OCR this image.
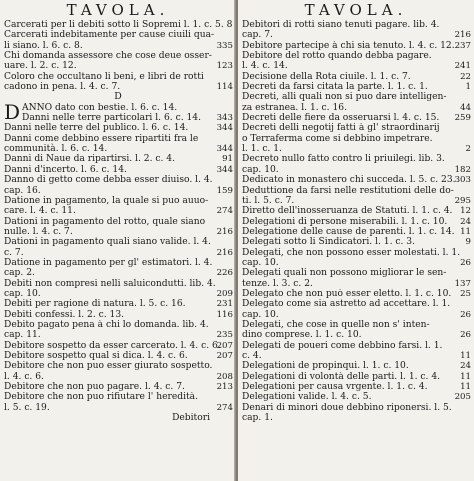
TAVOLA.
Carcerati per li debiti sotto li Sopremi l. 1. c. 5. 8
Carcerati indebitamente per cause ciuili qua-
li siano. l. 6. c. 8.	335
Chi domanda assessore che cose deue osser-
uare. l. 2. c. 12.	123
Coloro che occultano li beni, e libri de rotti
cadono in pena. l. 4. c. 7.	114
D
D ANNO dato con bestie. l. 6. c. 14.
Danni nelle terre particolari l. 6. c. 14.	343
Danni nelle terre del publico. l. 6. c. 14.	344
Danni come debbino essere ripartiti fra le
communità. l. 6. c. 14.	344
Danni di Naue da ripartirsi. l. 2. c. 4.	91
Danni d'incerto. l. 6. c. 14.	344
Danno di getto come debba esser diuiso. l. 4.
cap. 16.	159
Datione in pagamento, la quale si puo auuo-
care. l. 4. c. 11.	274
Dationi in pagamento del rotto, quale siano
nulle. l. 4. c. 7.	216
Dationi in pagamento quali siano valide. l. 4.
c. 7.	216
Datione in pagamento per gl' estimatori. l. 4.
cap. 2.	226
Debiti non compresi nelli saluicondutti. lib. 4.
cap. 10.	209
Debiti per ragione di natura. l. 5. c. 16.	231
Debiti confessi. l. 2. c. 13.	116
Debito pagato pena à chi lo domanda. lib. 4.
cap. 11.	235
Debitore sospetto da esser carcerato. l. 4. c. 6.
207
Debitore sospetto qual si dica. l. 4. c. 6.	207
Debitore che non puo esser giurato sospetto.
l. 4. c. 6.	208
Debitore che non puo pagare. l. 4. c. 7.	213
Debitore che non puo rifiutare l' heredità.
l. 5. c. 19.	274
Debitori
TAVOLA.
Debitori di rotti siano tenuti pagare. lib. 4.
cap. 7.	216
Debitore partecipe à chi sia tenuto. l. 4. c. 12. 237
Debitore del rotto quando debba pagare.
l. 4. c. 14.	241
Decisione della Rota ciuile. l. 1. c. 7.	22
Decreti da farsi citata la parte. l. 1. c. 1.	1
Decreti, alli quali non si puo dare intelligen-
za estranea. l. 1. c. 16.	44
Decreti delle fiere da osseruarsi l. 4. c. 15.	259
Decreti delli negotij fatti à gl' straordinarij
o Terraferma come si debbino impetrare.
l. 1. c. 1.	2
Decreto nullo fatto contro li priuilegi. lib. 3.
cap. 10.	182
Dedicato in monastero chi succeda. l. 5. c. 23. 303
Deduttione da farsi nelle restitutioni delle do-
ti. l. 5. c. 7.	295
Diretto dell'inosseruanza de Statuti. l. 1. c. 4. 12
Delegationi di persone miserabili. l. 1. c. 10. 24
Delegatione delle cause de parenti. l. 1. c. 14. 11
Delegati sotto li Sindicatori. l. 1. c. 3.	9
Delegati, che non possono esser molestati. l. 1.
cap. 10.	26
Delegati quali non possono migliorar le sen-
tenze. l. 3. c. 2.	137
Delegato che non può esser eletto. l. 1. c. 10. 25
Delegato come sia astretto ad accettare. l. 1.
cap. 10.	26
Delegati, che cose in quelle non s' inten-
dino comprese. l. 1. c. 10.	26
Delegati de poueri come debbino farsi. l. 1.
c. 4.	11
Delegationi de propinqui. l. 1. c. 10.	24
Delegationi di volontà delle parti. l. 1. c. 4.	11
Delegationi per causa vrgente. l. 1. c. 4.	11
Delegationi valide. l. 4. c. 5.	205
Denari di minori doue debbino riponersi. l. 5.
cap. 1.
